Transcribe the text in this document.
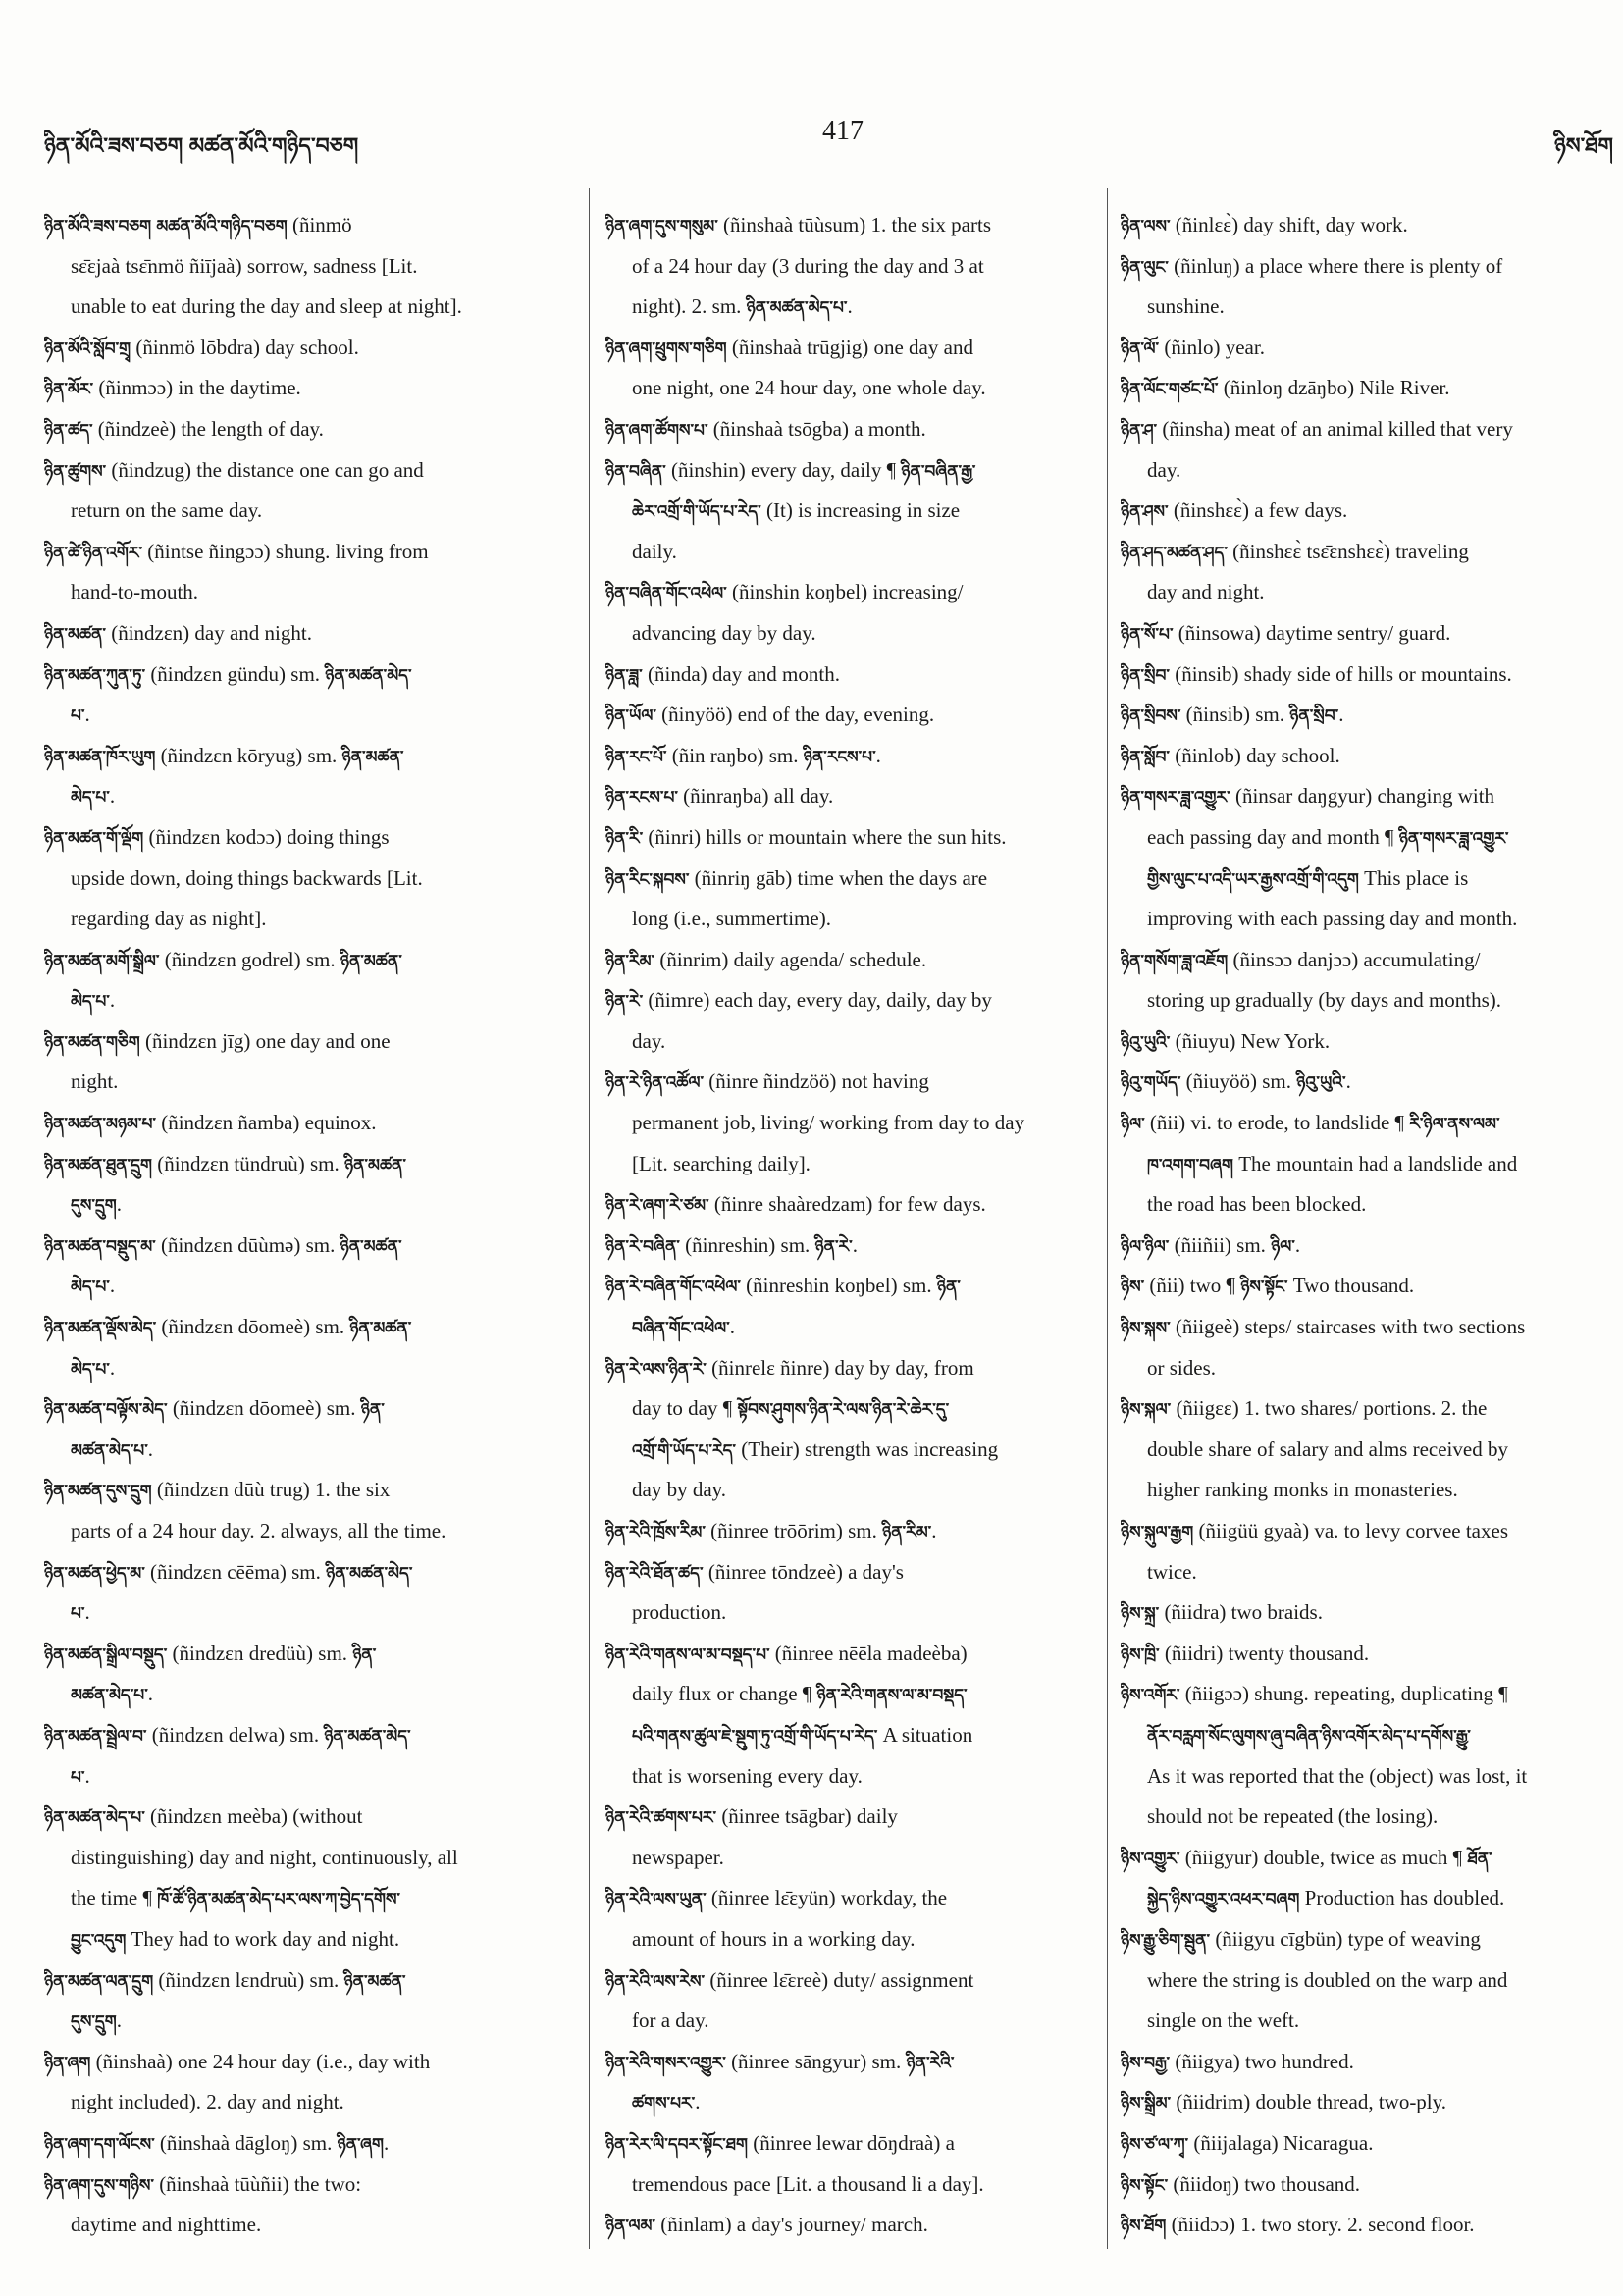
ཉིན་མོའི་ཟས་བཅག མཚན་མོའི་གཉིད་བཅག
417
ཉིས་ཐོག
ཉིན་མོའི་ཟས་བཅག མཚན་མོའི་གཉིད་བཅག (ñinmö
sɛ̄ɛjaà tsɛ̄nmö ñiījaà) sorrow, sadness [Lit.
unable to eat during the day and sleep at night].
ཉིན་མོའི་སློབ་གྲྭ (ñinmö lōbdra) day school.
ཉིན་མོར་ (ñinmɔɔ) in the daytime.
ཉིན་ཚད་ (ñindzeè) the length of day.
ཉིན་ཚུགས་ (ñindzug) the distance one can go and
return on the same day.
ཉིན་ཚེ་ཉིན་འགོར་ (ñintse ñingɔɔ) shung. living from
hand-to-mouth.
ཉིན་མཚན་ (ñindzɛn) day and night.
ཉིན་མཚན་ཀུན་ཏུ་ (ñindzɛn gündu) sm. ཉིན་མཚན་མེད་
པ་.
ཉིན་མཚན་ཁོར་ཡུག (ñindzɛn kōryug) sm. ཉིན་མཚན་
མེད་པ་.
ཉིན་མཚན་གོ་ལྡོག (ñindzɛn kodɔɔ) doing things
upside down, doing things backwards [Lit.
regarding day as night].
ཉིན་མཚན་མགོ་སྒྲིལ་ (ñindzɛn godrel) sm. ཉིན་མཚན་
མེད་པ་.
ཉིན་མཚན་གཅིག (ñindzɛn jīg) one day and one
night.
ཉིན་མཚན་མཉམ་པ་ (ñindzɛn ñamba) equinox.
ཉིན་མཚན་ཐུན་དྲུག (ñindzɛn tündruù) sm. ཉིན་མཚན་
དུས་དྲུག.
ཉིན་མཚན་བསྡུད་མ་ (ñindzɛn dūùmə) sm. ཉིན་མཚན་
མེད་པ་.
ཉིན་མཚན་ལྡོས་མེད་ (ñindzɛn dōomeè) sm. ཉིན་མཚན་
མེད་པ་.
ཉིན་མཚན་བལྟོས་མེད་ (ñindzɛn dōomeè) sm. ཉིན་
མཚན་མེད་པ་.
ཉིན་མཚན་དུས་དྲུག (ñindzɛn dūù trug) 1. the six
parts of a 24 hour day. 2. always, all the time.
ཉིན་མཚན་ཕྱེད་མ་ (ñindzɛn cēēma) sm. ཉིན་མཚན་མེད་
པ་.
ཉིན་མཚན་སྒྲིལ་བསྡུད་ (ñindzɛn dredüù) sm. ཉིན་
མཚན་མེད་པ་.
ཉིན་མཚན་སྦྲེལ་བ་ (ñindzɛn delwa) sm. ཉིན་མཚན་མེད་
པ་.
ཉིན་མཚན་མེད་པ་ (ñindzɛn meèba) (without
distinguishing) day and night, continuously, all
the time ¶ ཁོ་ཚོ་ཉིན་མཚན་མེད་པར་ལས་ཀ་བྱེད་དགོས་
བྱུང་འདུག They had to work day and night.
ཉིན་མཚན་ལན་དྲུག (ñindzɛn lɛndruù) sm. ཉིན་མཚན་
དུས་དྲུག.
ཉིན་ཞག (ñinshaà) one 24 hour day (i.e., day with
night included). 2. day and night.
ཉིན་ཞག་དག་ལོངས་ (ñinshaà dāgloŋ) sm. ཉིན་ཞག.
ཉིན་ཞག་དུས་གཉིས་ (ñinshaà tūùñii) the two:
daytime and nighttime.
ཉིན་ཞག་དུས་གསུམ་ (ñinshaà tūùsum) 1. the six parts
of a 24 hour day (3 during the day and 3 at
night). 2. sm. ཉིན་མཚན་མེད་པ་.
ཉིན་ཞག་ཕྲུགས་གཅིག (ñinshaà trūgjig) one day and
one night, one 24 hour day, one whole day.
ཉིན་ཞག་ཚོགས་པ་ (ñinshaà tsōgba) a month.
ཉིན་བཞིན་ (ñinshin) every day, daily ¶ ཉིན་བཞིན་རྒྱ་
ཆེར་འགྲོ་གི་ཡོད་པ་རེད་ (It) is increasing in size
daily.
ཉིན་བཞིན་གོང་འཕེལ་ (ñinshin koŋbel) increasing/
advancing day by day.
ཉིན་ཟླ་ (ñinda) day and month.
ཉིན་ཡོལ་ (ñinyöö) end of the day, evening.
ཉིན་རང་པོ་ (ñin raŋbo) sm. ཉིན་རངས་པ་.
ཉིན་རངས་པ་ (ñinraŋba) all day.
ཉིན་རི་ (ñinri) hills or mountain where the sun hits.
ཉིན་རིང་སྐབས་ (ñinriŋ gāb) time when the days are
long (i.e., summertime).
ཉིན་རིམ་ (ñinrim) daily agenda/ schedule.
ཉིན་རེ་ (ñimre) each day, every day, daily, day by
day.
ཉིན་རེ་ཉིན་འཚོལ་ (ñinre ñindzöö) not having
permanent job, living/ working from day to day
[Lit. searching daily].
ཉིན་རེ་ཞག་རེ་ཙམ་ (ñinre shaàredzam) for few days.
ཉིན་རེ་བཞིན་ (ñinreshin) sm. ཉིན་རེ་.
ཉིན་རེ་བཞིན་གོང་འཕེལ་ (ñinreshin koŋbel) sm. ཉིན་
བཞིན་གོང་འཕེལ་.
ཉིན་རེ་ལས་ཉིན་རེ་ (ñinrelɛ ñinre) day by day, from
day to day ¶ སྟོབས་ཤུགས་ཉིན་རེ་ལས་ཉིན་རེ་ཆེར་དུ་
འགྲོ་གི་ཡོད་པ་རེད་ (Their) strength was increasing
day by day.
ཉིན་རེའི་ཁྲོས་རིམ་ (ñinree trōōrim) sm. ཉིན་རིམ་.
ཉིན་རེའི་ཐོན་ཚད་ (ñinree tōndzeè) a day's
production.
ཉིན་རེའི་གནས་ལ་མ་བསྡད་པ་ (ñinree nēēla madeèba)
daily flux or change ¶ ཉིན་རེའི་གནས་ལ་མ་བསྡད་
པའི་གནས་ཚུལ་ཇེ་སྡུག་ཏུ་འགྲོ་གི་ཡོད་པ་རེད་ A situation
that is worsening every day.
ཉིན་རེའི་ཚགས་པར་ (ñinree tsāgbar) daily
newspaper.
ཉིན་རེའི་ལས་ཡུན་ (ñinree lɛ̄ɛyün) workday, the
amount of hours in a working day.
ཉིན་རེའི་ལས་རེས་ (ñinree lɛ̄ɛreè) duty/ assignment
for a day.
ཉིན་རེའི་གསར་འགྱུར་ (ñinree sāngyur) sm. ཉིན་རེའི་
ཚགས་པར་.
ཉིན་རེར་ལི་དབར་སྟོང་ཐག (ñinree lewar dōŋdraà) a
tremendous pace [Lit. a thousand li a day].
ཉིན་ལམ་ (ñinlam) a day's journey/ march.
ཉིན་ལས་ (ñinlɛɛ̀) day shift, day work.
ཉིན་ལུང་ (ñinluŋ) a place where there is plenty of
sunshine.
ཉིན་ལོ་ (ñinlo) year.
ཉིན་ལོང་གཙང་པོ་ (ñinloŋ dzāŋbo) Nile River.
ཉིན་ཤ་ (ñinsha) meat of an animal killed that very
day.
ཉིན་ཤས་ (ñinshɛɛ̀) a few days.
ཉིན་ཤད་མཚན་ཤད་ (ñinshɛɛ̀ tsɛ̄ɛnshɛɛ̀) traveling
day and night.
ཉིན་སོ་པ་ (ñinsowa) daytime sentry/ guard.
ཉིན་སྲིབ་ (ñinsib) shady side of hills or mountains.
ཉིན་སྲིབས་ (ñinsib) sm. ཉིན་སྲིབ་.
ཉིན་སློབ་ (ñinlob) day school.
ཉིན་གསར་ཟླ་འགྱུར་ (ñinsar daŋgyur) changing with
each passing day and month ¶ ཉིན་གསར་ཟླ་འགྱུར་
གྱིས་ལུང་པ་འདི་ཡར་རྒྱས་འགྲོ་གི་འདུག This place is
improving with each passing day and month.
ཉིན་གསོག་ཟླ་འཇོག (ñinsɔɔ danjɔɔ) accumulating/
storing up gradually (by days and months).
ཉིའུ་ཡུའི་ (ñiuyu) New York.
ཉིའུ་གཡོད་ (ñiuyöö) sm. ཉིའུ་ཡུའི་.
ཉིལ་ (ñii) vi. to erode, to landslide ¶ རི་ཉིལ་ནས་ལམ་
ཁ་འགག་བཞག The mountain had a landslide and
the road has been blocked.
ཉིལ་ཉིལ་ (ñiiñii) sm. ཉིལ་.
ཉིས་ (ñii) two ¶ ཉིས་སྟོང་ Two thousand.
ཉིས་སྐས་ (ñiigeè) steps/ staircases with two sections
or sides.
ཉིས་སྐལ་ (ñiigɛɛ) 1. two shares/ portions. 2. the
double share of salary and alms received by
higher ranking monks in monasteries.
ཉིས་སྐུལ་རྒྱག (ñiigüü gyaà) va. to levy corvee taxes
twice.
ཉིས་སྐྲ་ (ñiidra) two braids.
ཉིས་ཁྲི་ (ñiidri) twenty thousand.
ཉིས་འགོར་ (ñiigɔɔ) shung. repeating, duplicating ¶
ནོར་བརླག་སོང་ལུགས་ཞུ་བཞིན་ཉིས་འགོར་མེད་པ་དགོས་རྒྱུ་
As it was reported that the (object) was lost, it
should not be repeated (the losing).
ཉིས་འགྱུར་ (ñiigyur) double, twice as much ¶ ཐོན་
སྐྱེད་ཉིས་འགྱུར་འཕར་བཞག Production has doubled.
ཉིས་རྒྱུ་ཅིག་སྦུན་ (ñiigyu cīgbün) type of weaving
where the string is doubled on the warp and
single on the weft.
ཉིས་བརྒྱ་ (ñiigya) two hundred.
ཉིས་སྒྲིམ་ (ñiidrim) double thread, two-ply.
ཉིས་ཙ་ལ་ཀྭ་ (ñiijalaga) Nicaragua.
ཉིས་སྟོང་ (ñiidoŋ) two thousand.
ཉིས་ཐོག (ñiidɔɔ) 1. two story. 2. second floor.
